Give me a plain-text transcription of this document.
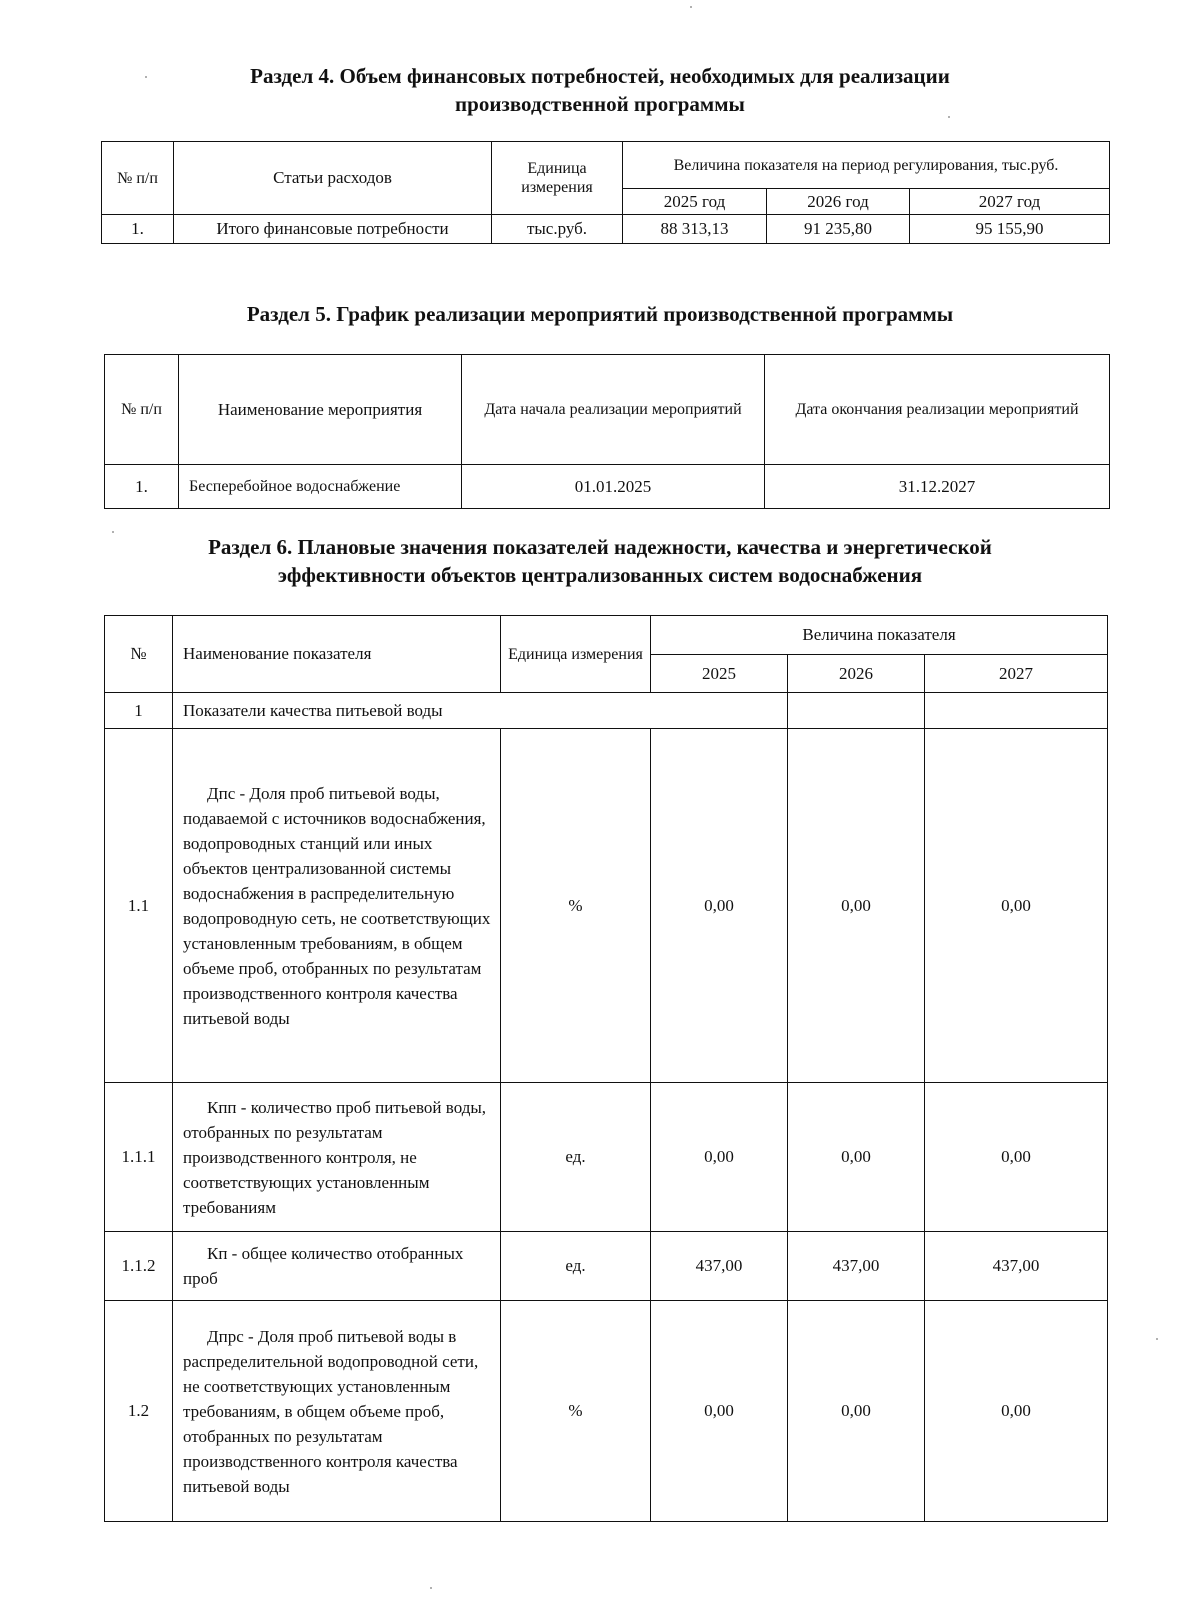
Раздел 4. Объем финансовых потребностей, необходимых для реализации
производственной программы
№ п/п	Статьи расходов	Единица измерения	Величина показателя на период регулирования, тыс.руб.		
			2025 год	2026 год	2027 год
1.	Итого финансовые потребности	тыс.руб.	88 313,13	91 235,80	95 155,90
Раздел 5. График реализации мероприятий производственной программы
№ п/п	Наименование мероприятия	Дата начала реализации мероприятий	Дата окончания реализации мероприятий
1.	Бесперебойное водоснабжение	01.01.2025	31.12.2027
Раздел 6. Плановые значения показателей надежности, качества и энергетической
эффективности объектов централизованных систем водоснабжения
№	Наименование показателя	Единица измерения	Величина показателя		
			2025	2026	2027
1	Показатели качества питьевой воды				
1.1	Дпс - Доля проб питьевой воды, подаваемой с источников водоснабжения, водопроводных станций или иных объектов централизованной системы водоснабжения в распределительную водопроводную сеть, не соответствующих установленным требованиям, в общем объеме проб, отобранных по результатам производственного контроля качества питьевой воды	%	0,00	0,00	0,00
1.1.1	Кпп - количество проб питьевой воды, отобранных по результатам производственного контроля, не соответствующих установленным требованиям	ед.	0,00	0,00	0,00
1.1.2	Кп - общее количество отобранных проб	ед.	437,00	437,00	437,00
1.2	Дпрс - Доля проб питьевой воды в распределительной водопроводной сети, не соответствующих установленным требованиям, в общем объеме проб, отобранных по результатам производственного контроля качества питьевой воды	%	0,00	0,00	0,00
